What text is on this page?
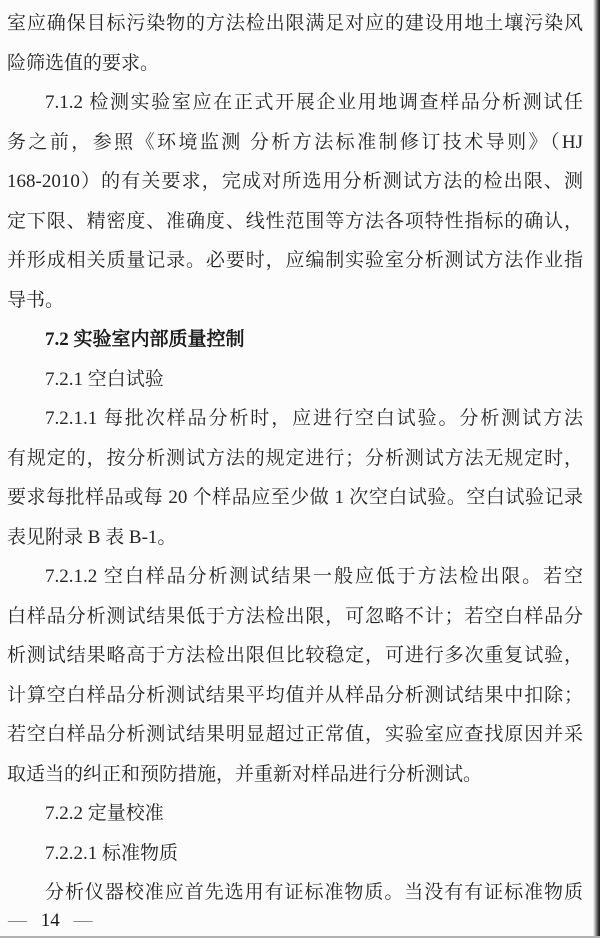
室应确保目标污染物的方法检出限满足对应的建设用地土壤污染风
险筛选值的要求。
7.1.2 检测实验室应在正式开展企业用地调查样品分析测试任
务之前，参照《环境监测 分析方法标准制修订技术导则》（HJ
168-2010）的有关要求，完成对所选用分析测试方法的检出限、测
定下限、精密度、准确度、线性范围等方法各项特性指标的确认，
并形成相关质量记录。必要时，应编制实验室分析测试方法作业指
导书。
7.2 实验室内部质量控制
7.2.1 空白试验
7.2.1.1 每批次样品分析时，应进行空白试验。分析测试方法
有规定的，按分析测试方法的规定进行；分析测试方法无规定时，
要求每批样品或每 20 个样品应至少做 1 次空白试验。空白试验记录
表见附录 B 表 B-1。
7.2.1.2 空白样品分析测试结果一般应低于方法检出限。若空
白样品分析测试结果低于方法检出限，可忽略不计；若空白样品分
析测试结果略高于方法检出限但比较稳定，可进行多次重复试验，
计算空白样品分析测试结果平均值并从样品分析测试结果中扣除；
若空白样品分析测试结果明显超过正常值，实验室应查找原因并采
取适当的纠正和预防措施，并重新对样品进行分析测试。
7.2.2 定量校准
7.2.2.1 标准物质
分析仪器校准应首先选用有证标准物质。当没有有证标准物质
— 14 —
